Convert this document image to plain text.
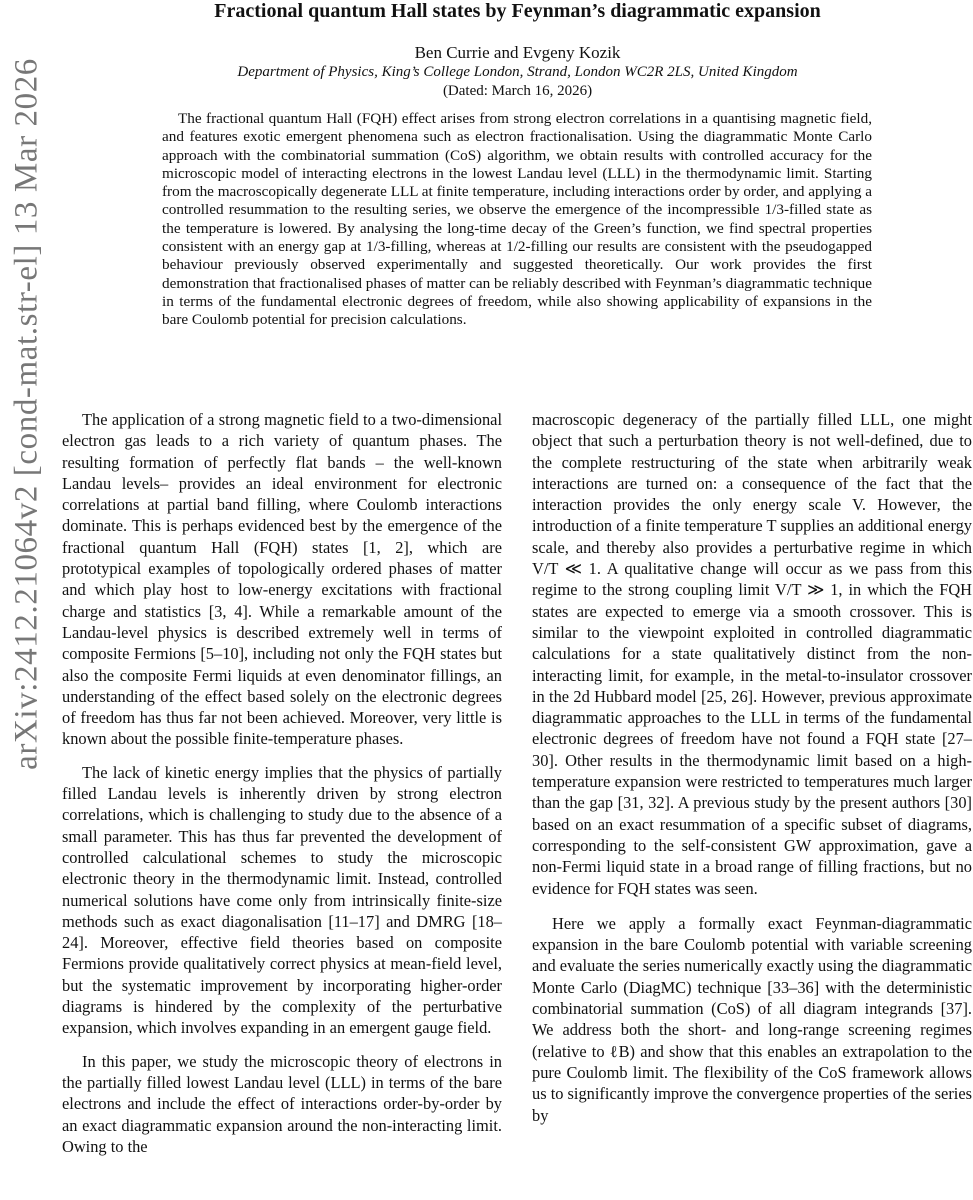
arXiv:2412.21064v2 [cond-mat.str-el] 13 Mar 2026
Fractional quantum Hall states by Feynman’s diagrammatic expansion
Ben Currie and Evgeny Kozik
Department of Physics, King’s College London, Strand, London WC2R 2LS, United Kingdom
(Dated: March 16, 2026)

The fractional quantum Hall (FQH) effect arises from strong electron correlations in a quantising magnetic field, and features exotic emergent phenomena such as electron fractionalisation. Using the diagrammatic Monte Carlo approach with the combinatorial summation (CoS) algorithm, we obtain results with controlled accuracy for the microscopic model of interacting electrons in the lowest Landau level (LLL) in the thermodynamic limit. Starting from the macroscopically degenerate LLL at finite temperature, including interactions order by order, and applying a controlled resummation to the resulting series, we observe the emergence of the incompressible 1/3-filled state as the temperature is lowered. By analysing the long-time decay of the Green’s function, we find spectral properties consistent with an energy gap at 1/3-filling, whereas at 1/2-filling our results are consistent with the pseudogapped behaviour previously observed experimentally and suggested theoretically. Our work provides the first demonstration that fractionalised phases of matter can be reliably described with Feynman’s diagrammatic technique in terms of the fundamental electronic degrees of freedom, while also showing applicability of expansions in the bare Coulomb potential for precision calculations.

The application of a strong magnetic field to a two-dimensional electron gas leads to a rich variety of quantum phases. The resulting formation of perfectly flat bands – the well-known Landau levels– provides an ideal environment for electronic correlations at partial band filling, where Coulomb interactions dominate. This is perhaps evidenced best by the emergence of the fractional quantum Hall (FQH) states [1, 2], which are prototypical examples of topologically ordered phases of matter and which play host to low-energy excitations with fractional charge and statistics [3, 4]. While a remarkable amount of the Landau-level physics is described extremely well in terms of composite Fermions [5–10], including not only the FQH states but also the composite Fermi liquids at even denominator fillings, an understanding of the effect based solely on the electronic degrees of freedom has thus far not been achieved. Moreover, very little is known about the possible finite-temperature phases.

The lack of kinetic energy implies that the physics of partially filled Landau levels is inherently driven by strong electron correlations, which is challenging to study due to the absence of a small parameter. This has thus far prevented the development of controlled calculational schemes to study the microscopic electronic theory in the thermodynamic limit. Instead, controlled numerical solutions have come only from intrinsically finite-size methods such as exact diagonalisation [11–17] and DMRG [18–24]. Moreover, effective field theories based on composite Fermions provide qualitatively correct physics at mean-field level, but the systematic improvement by incorporating higher-order diagrams is hindered by the complexity of the perturbative expansion, which involves expanding in an emergent gauge field.

In this paper, we study the microscopic theory of electrons in the partially filled lowest Landau level (LLL) in terms of the bare electrons and include the effect of interactions order-by-order by an exact diagrammatic expansion around the non-interacting limit. Owing to the

macroscopic degeneracy of the partially filled LLL, one might object that such a perturbation theory is not well-defined, due to the complete restructuring of the state when arbitrarily weak interactions are turned on: a consequence of the fact that the interaction provides the only energy scale V. However, the introduction of a finite temperature T supplies an additional energy scale, and thereby also provides a perturbative regime in which V/T ≪ 1. A qualitative change will occur as we pass from this regime to the strong coupling limit V/T ≫ 1, in which the FQH states are expected to emerge via a smooth crossover. This is similar to the viewpoint exploited in controlled diagrammatic calculations for a state qualitatively distinct from the non-interacting limit, for example, in the metal-to-insulator crossover in the 2d Hubbard model [25, 26]. However, previous approximate diagrammatic approaches to the LLL in terms of the fundamental electronic degrees of freedom have not found a FQH state [27–30]. Other results in the thermodynamic limit based on a high-temperature expansion were restricted to temperatures much larger than the gap [31, 32]. A previous study by the present authors [30] based on an exact resummation of a specific subset of diagrams, corresponding to the self-consistent GW approximation, gave a non-Fermi liquid state in a broad range of filling fractions, but no evidence for FQH states was seen.

Here we apply a formally exact Feynman-diagrammatic expansion in the bare Coulomb potential with variable screening and evaluate the series numerically exactly using the diagrammatic Monte Carlo (DiagMC) technique [33–36] with the deterministic combinatorial summation (CoS) of all diagram integrands [37]. We address both the short- and long-range screening regimes (relative to ℓB) and show that this enables an extrapolation to the pure Coulomb limit. The flexibility of the CoS framework allows us to significantly improve the convergence properties of the series by
